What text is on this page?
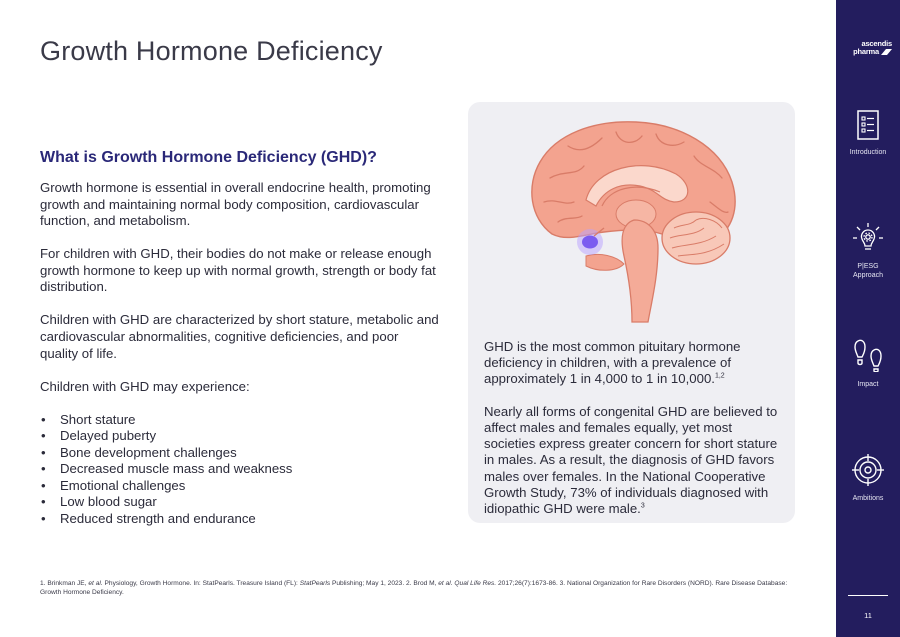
Growth Hormone Deficiency
What is Growth Hormone Deficiency (GHD)?

Growth hormone is essential in overall endocrine health, promoting growth and maintaining normal body composition, cardiovascular function, and metabolism.

For children with GHD, their bodies do not make or release enough growth hormone to keep up with normal growth, strength or body fat distribution.

Children with GHD are characterized by short stature, metabolic and cardiovascular abnormalities, cognitive deficiencies, and poor quality of life.

Children with GHD may experience:

• Short stature
• Delayed puberty
• Bone development challenges
• Decreased muscle mass and weakness
• Emotional challenges
• Low blood sugar
• Reduced strength and endurance

GHD is the most common pituitary hormone deficiency in children, with a prevalence of approximately 1 in 4,000 to 1 in 10,000.$^{1,2}$

Nearly all forms of congenital GHD are believed to affect males and females equally, yet most societies express greater concern for short stature in males. As a result, the diagnosis of GHD favors males over females. In the National Cooperative Growth Study, 73% of individuals diagnosed with idiopathic GHD were male.$^3$

1. Brinkman JE, et al. Physiology, Growth Hormone. In: StatPearls. Treasure Island (FL): StatPearls Publishing; May 1, 2023. 2. Brod M, et al. Qual Life Res. 2017;26(7):1673-86. 3. National Organization for Rare Disorders (NORD). Rare Disease Database: Growth Hormone Deficiency.
ascendis
pharma
Introduction
P|ESG
Approach
Impact
Ambitions
11
